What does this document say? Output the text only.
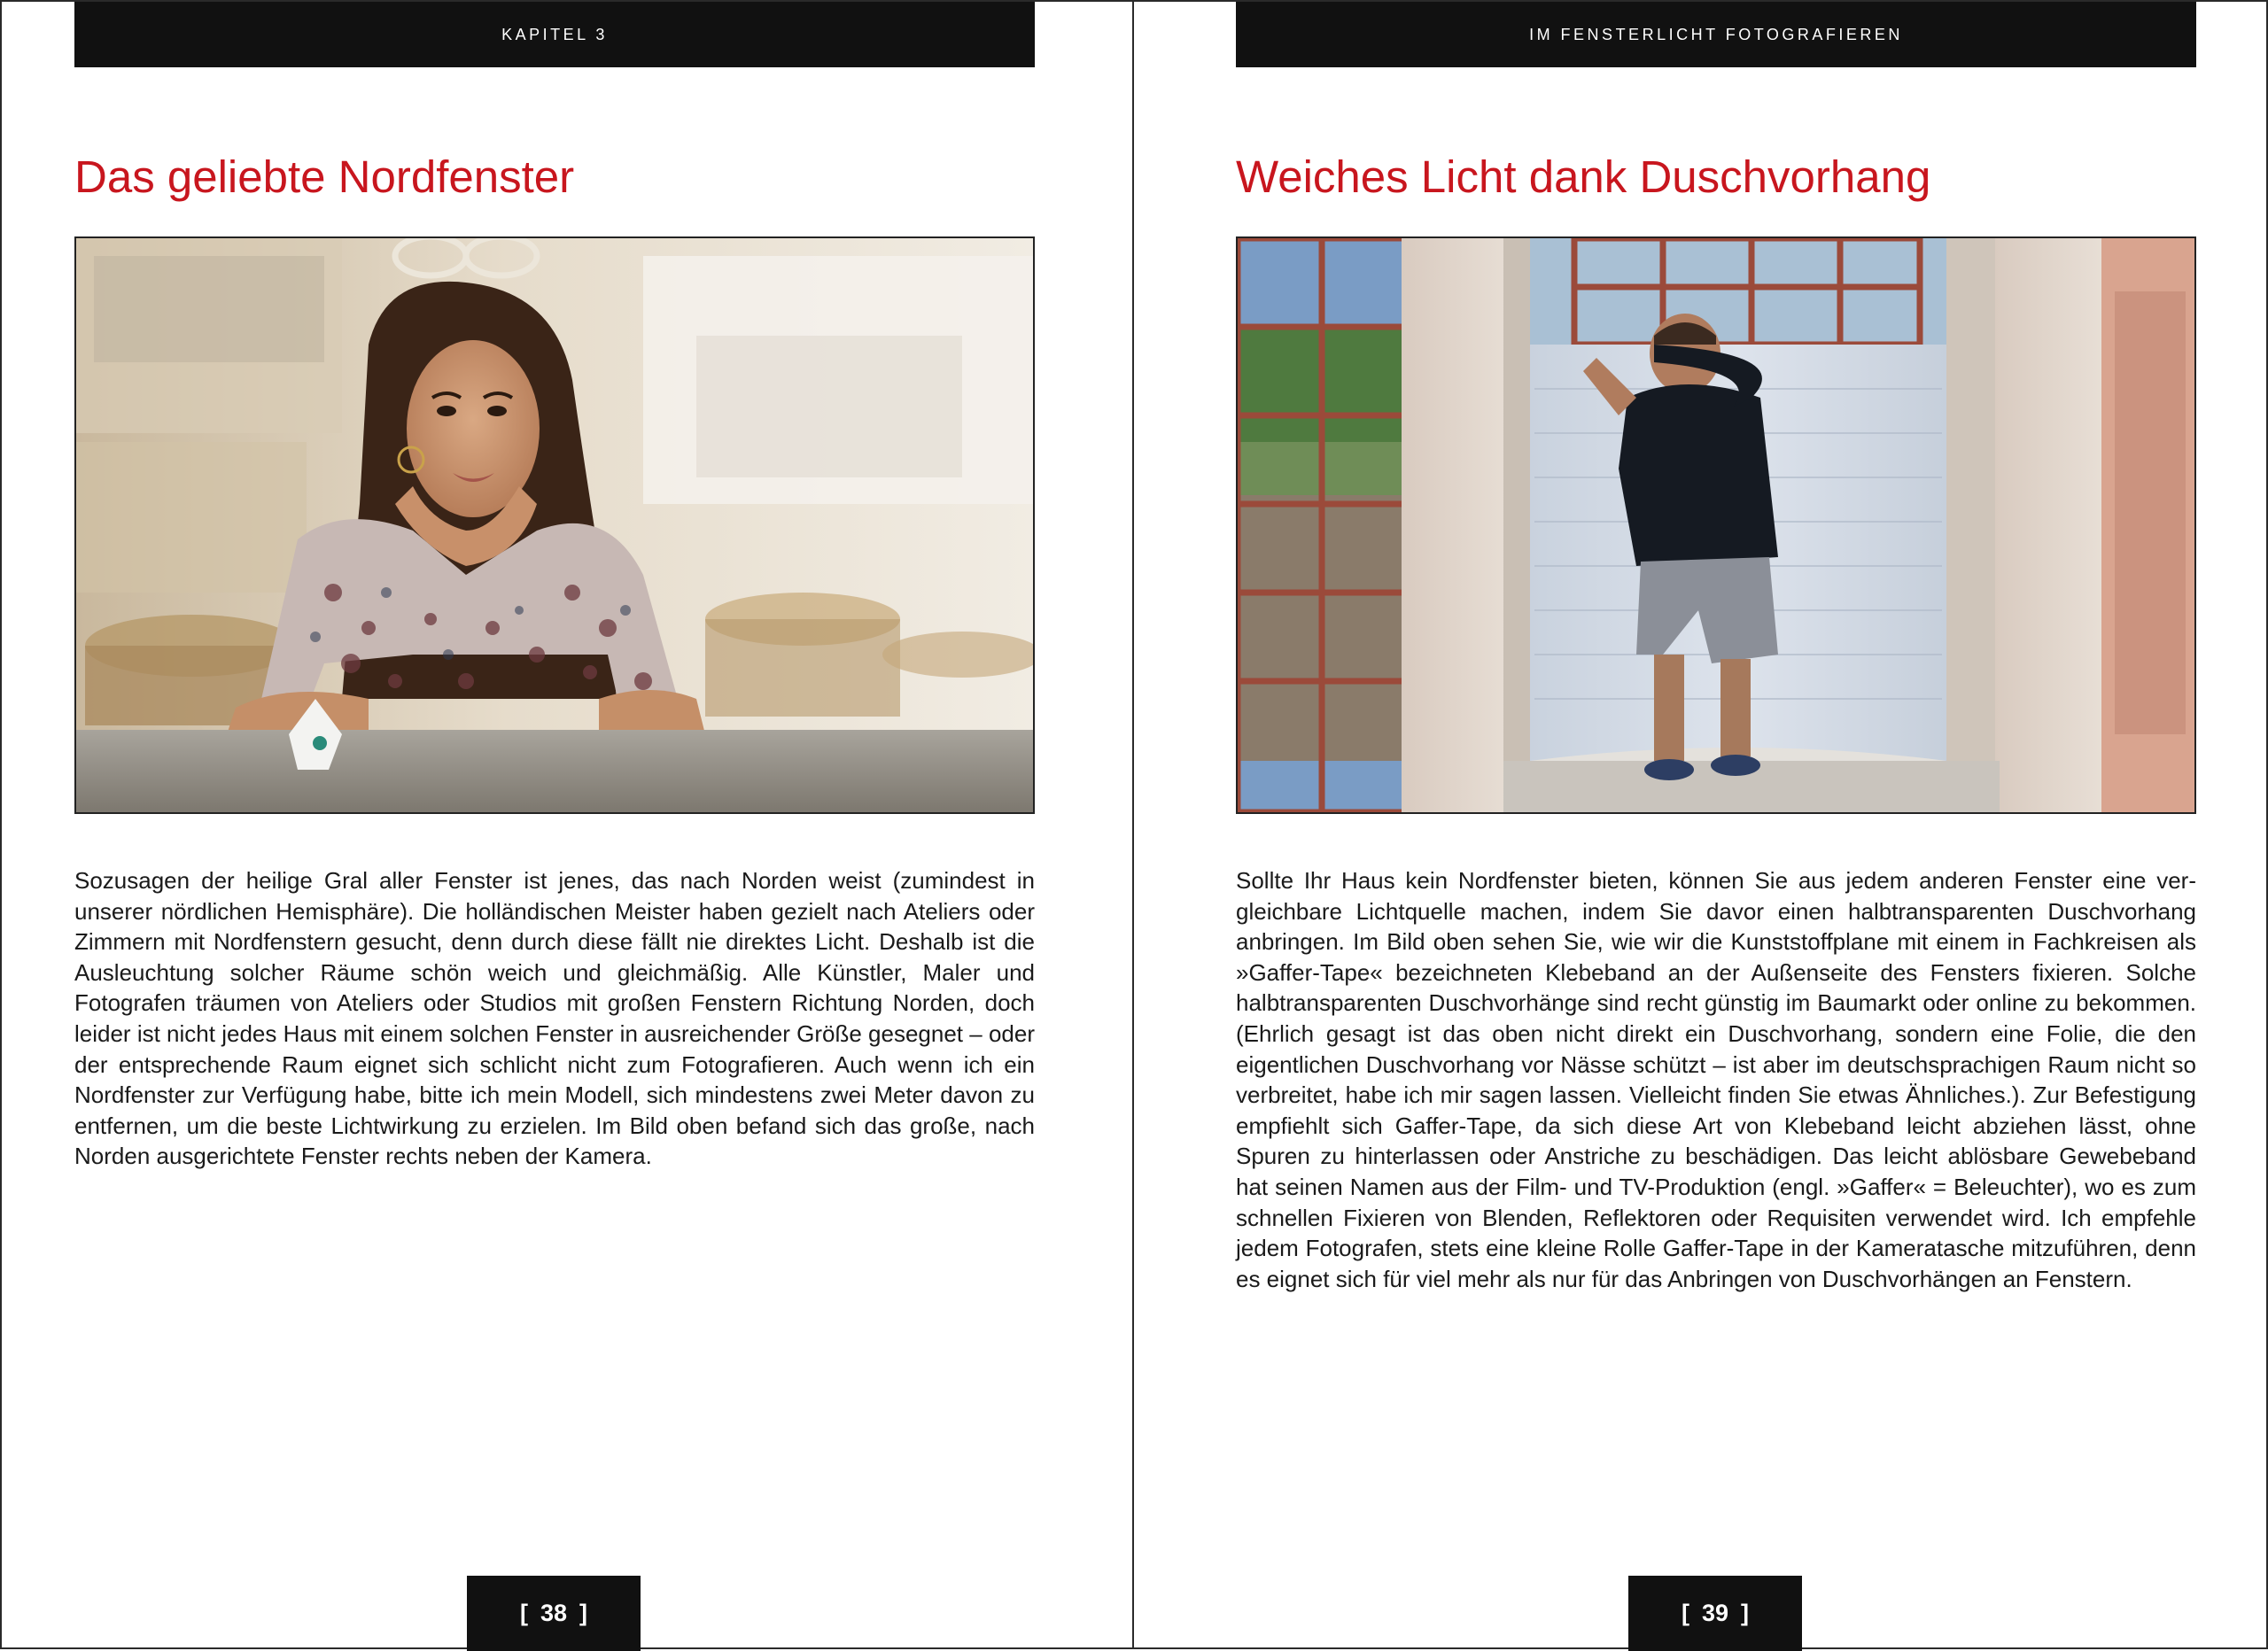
KAPITEL 3
Das geliebte Nordfenster

Sozusagen der heilige Gral aller Fenster ist jenes, das nach Norden weist (zumindest in unserer nördlichen Hemisphäre). Die holländischen Meister haben gezielt nach Ateliers oder Zimmern mit Nordfenstern gesucht, denn durch diese fällt nie direktes Licht. Deshalb ist die Ausleuchtung solcher Räume schön weich und gleichmäßig. Alle Künstler, Maler und Fotografen träumen von Ateliers oder Studios mit großen Fenstern Richtung Norden, doch leider ist nicht jedes Haus mit einem solchen Fenster in ausreichender Größe gesegnet – oder der entsprechende Raum eignet sich schlicht nicht zum Fotografieren. Auch wenn ich ein Nordfenster zur Verfügung habe, bitte ich mein Modell, sich mindestens zwei Meter davon zu entfernen, um die beste Lichtwirkung zu erzielen. Im Bild oben befand sich das große, nach Norden ausgerichtete Fenster rechts neben der Kamera.

[ 38 ]
IM FENSTERLICHT FOTOGRAFIEREN
Weiches Licht dank Duschvorhang

Sollte Ihr Haus kein Nordfenster bieten, können Sie aus jedem anderen Fenster eine vergleichbare Lichtquelle machen, indem Sie davor einen halbtransparenten Duschvorhang anbringen. Im Bild oben sehen Sie, wie wir die Kunststoffplane mit einem in Fachkreisen als »Gaffer-Tape« bezeichneten Klebeband an der Außenseite des Fensters fixieren. Solche halbtransparenten Duschvorhänge sind recht günstig im Baumarkt oder online zu bekommen. (Ehrlich gesagt ist das oben nicht direkt ein Duschvorhang, sondern eine Folie, die den eigentlichen Duschvorhang vor Nässe schützt – ist aber im deutschsprachigen Raum nicht so verbreitet, habe ich mir sagen lassen. Vielleicht finden Sie etwas Ähnliches.). Zur Befestigung empfiehlt sich Gaffer-Tape, da sich diese Art von Klebeband leicht abziehen lässt, ohne Spuren zu hinterlassen oder Anstriche zu beschädigen. Das leicht ablösbare Gewebeband hat seinen Namen aus der Film- und TV-Produktion (engl. »Gaffer« = Beleuchter), wo es zum schnellen Fixieren von Blenden, Reflektoren oder Requisiten verwendet wird. Ich empfehle jedem Fotografen, stets eine kleine Rolle Gaffer-Tape in der Kameratasche mitzuführen, denn es eignet sich für viel mehr als nur für das Anbringen von Duschvorhängen an Fenstern.

[ 39 ]
